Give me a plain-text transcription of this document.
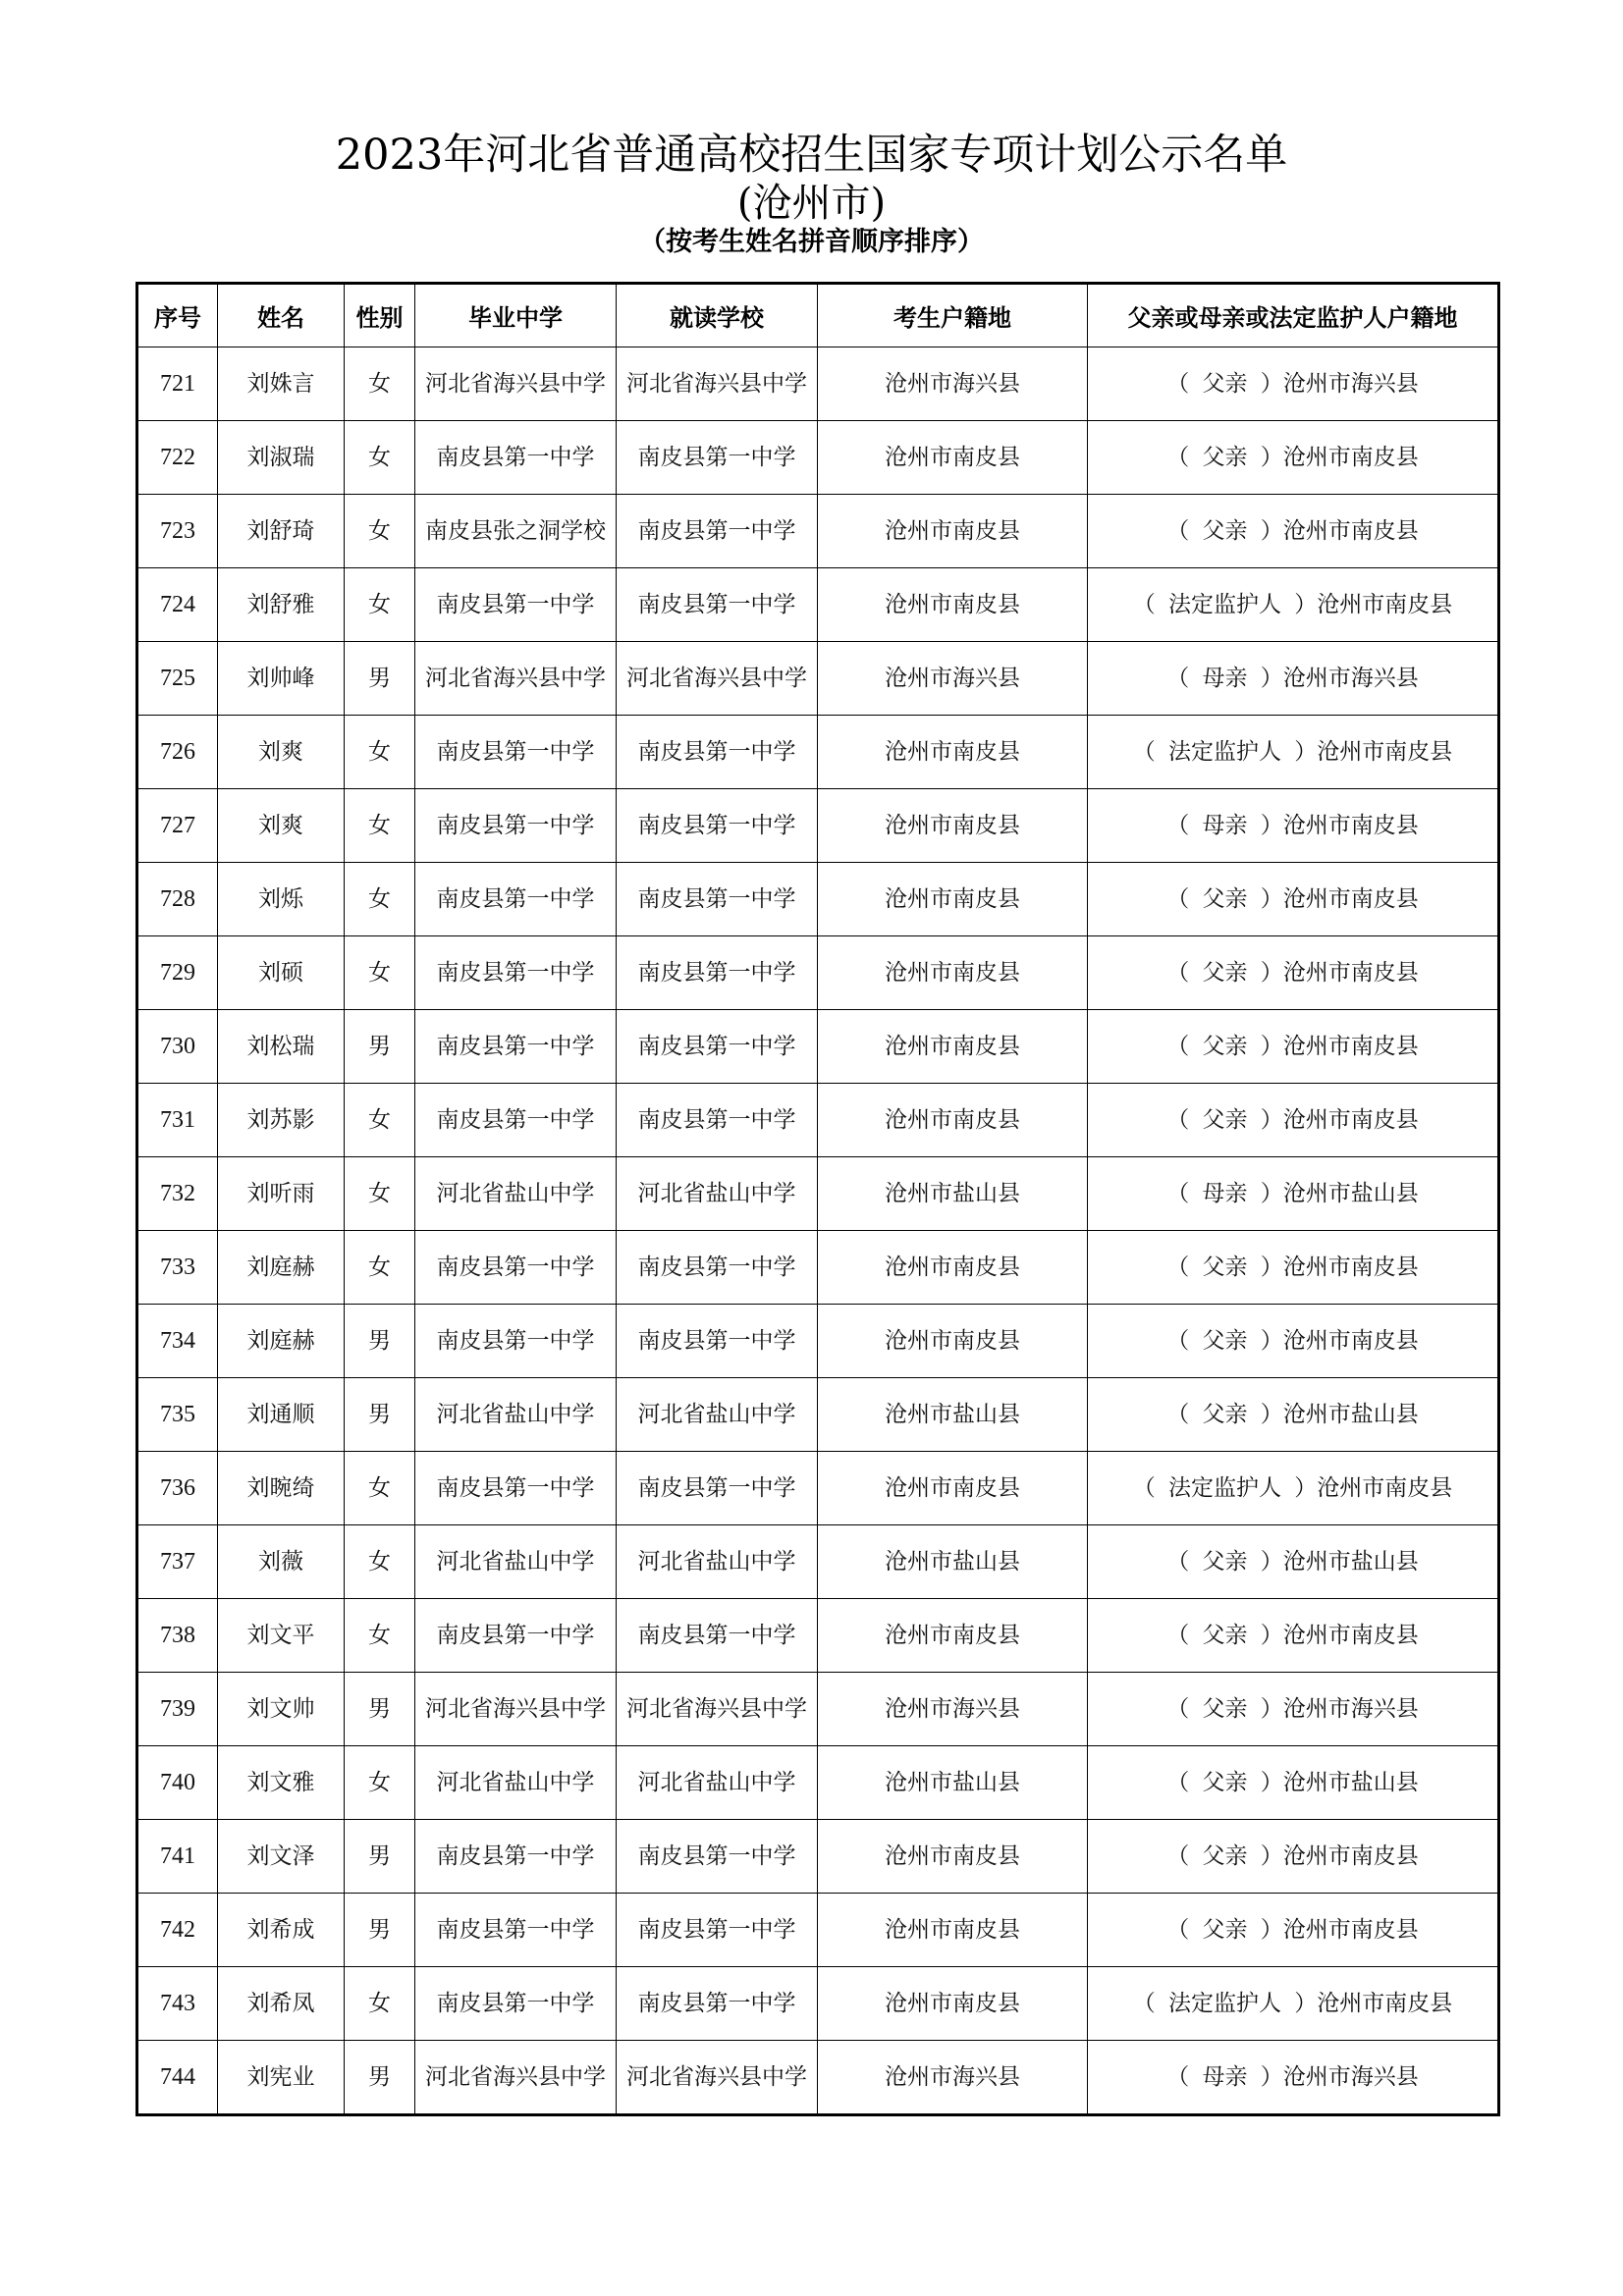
2023年河北省普通高校招生国家专项计划公示名单
(沧州市)
（按考生姓名拼音顺序排序）
序号	姓名	性别	毕业中学	就读学校	考生户籍地	父亲或母亲或法定监护人户籍地
721	刘姝言	女	河北省海兴县中学	河北省海兴县中学	沧州市海兴县	（ 父亲 ）沧州市海兴县
722	刘淑瑞	女	南皮县第一中学	南皮县第一中学	沧州市南皮县	（ 父亲 ）沧州市南皮县
723	刘舒琦	女	南皮县张之洞学校	南皮县第一中学	沧州市南皮县	（ 父亲 ）沧州市南皮县
724	刘舒雅	女	南皮县第一中学	南皮县第一中学	沧州市南皮县	（ 法定监护人 ）沧州市南皮县
725	刘帅峰	男	河北省海兴县中学	河北省海兴县中学	沧州市海兴县	（ 母亲 ）沧州市海兴县
726	刘爽	女	南皮县第一中学	南皮县第一中学	沧州市南皮县	（ 法定监护人 ）沧州市南皮县
727	刘爽	女	南皮县第一中学	南皮县第一中学	沧州市南皮县	（ 母亲 ）沧州市南皮县
728	刘烁	女	南皮县第一中学	南皮县第一中学	沧州市南皮县	（ 父亲 ）沧州市南皮县
729	刘硕	女	南皮县第一中学	南皮县第一中学	沧州市南皮县	（ 父亲 ）沧州市南皮县
730	刘松瑞	男	南皮县第一中学	南皮县第一中学	沧州市南皮县	（ 父亲 ）沧州市南皮县
731	刘苏影	女	南皮县第一中学	南皮县第一中学	沧州市南皮县	（ 父亲 ）沧州市南皮县
732	刘听雨	女	河北省盐山中学	河北省盐山中学	沧州市盐山县	（ 母亲 ）沧州市盐山县
733	刘庭赫	女	南皮县第一中学	南皮县第一中学	沧州市南皮县	（ 父亲 ）沧州市南皮县
734	刘庭赫	男	南皮县第一中学	南皮县第一中学	沧州市南皮县	（ 父亲 ）沧州市南皮县
735	刘通顺	男	河北省盐山中学	河北省盐山中学	沧州市盐山县	（ 父亲 ）沧州市盐山县
736	刘晼绮	女	南皮县第一中学	南皮县第一中学	沧州市南皮县	（ 法定监护人 ）沧州市南皮县
737	刘薇	女	河北省盐山中学	河北省盐山中学	沧州市盐山县	（ 父亲 ）沧州市盐山县
738	刘文平	女	南皮县第一中学	南皮县第一中学	沧州市南皮县	（ 父亲 ）沧州市南皮县
739	刘文帅	男	河北省海兴县中学	河北省海兴县中学	沧州市海兴县	（ 父亲 ）沧州市海兴县
740	刘文雅	女	河北省盐山中学	河北省盐山中学	沧州市盐山县	（ 父亲 ）沧州市盐山县
741	刘文泽	男	南皮县第一中学	南皮县第一中学	沧州市南皮县	（ 父亲 ）沧州市南皮县
742	刘希成	男	南皮县第一中学	南皮县第一中学	沧州市南皮县	（ 父亲 ）沧州市南皮县
743	刘希凤	女	南皮县第一中学	南皮县第一中学	沧州市南皮县	（ 法定监护人 ）沧州市南皮县
744	刘宪业	男	河北省海兴县中学	河北省海兴县中学	沧州市海兴县	（ 母亲 ）沧州市海兴县
